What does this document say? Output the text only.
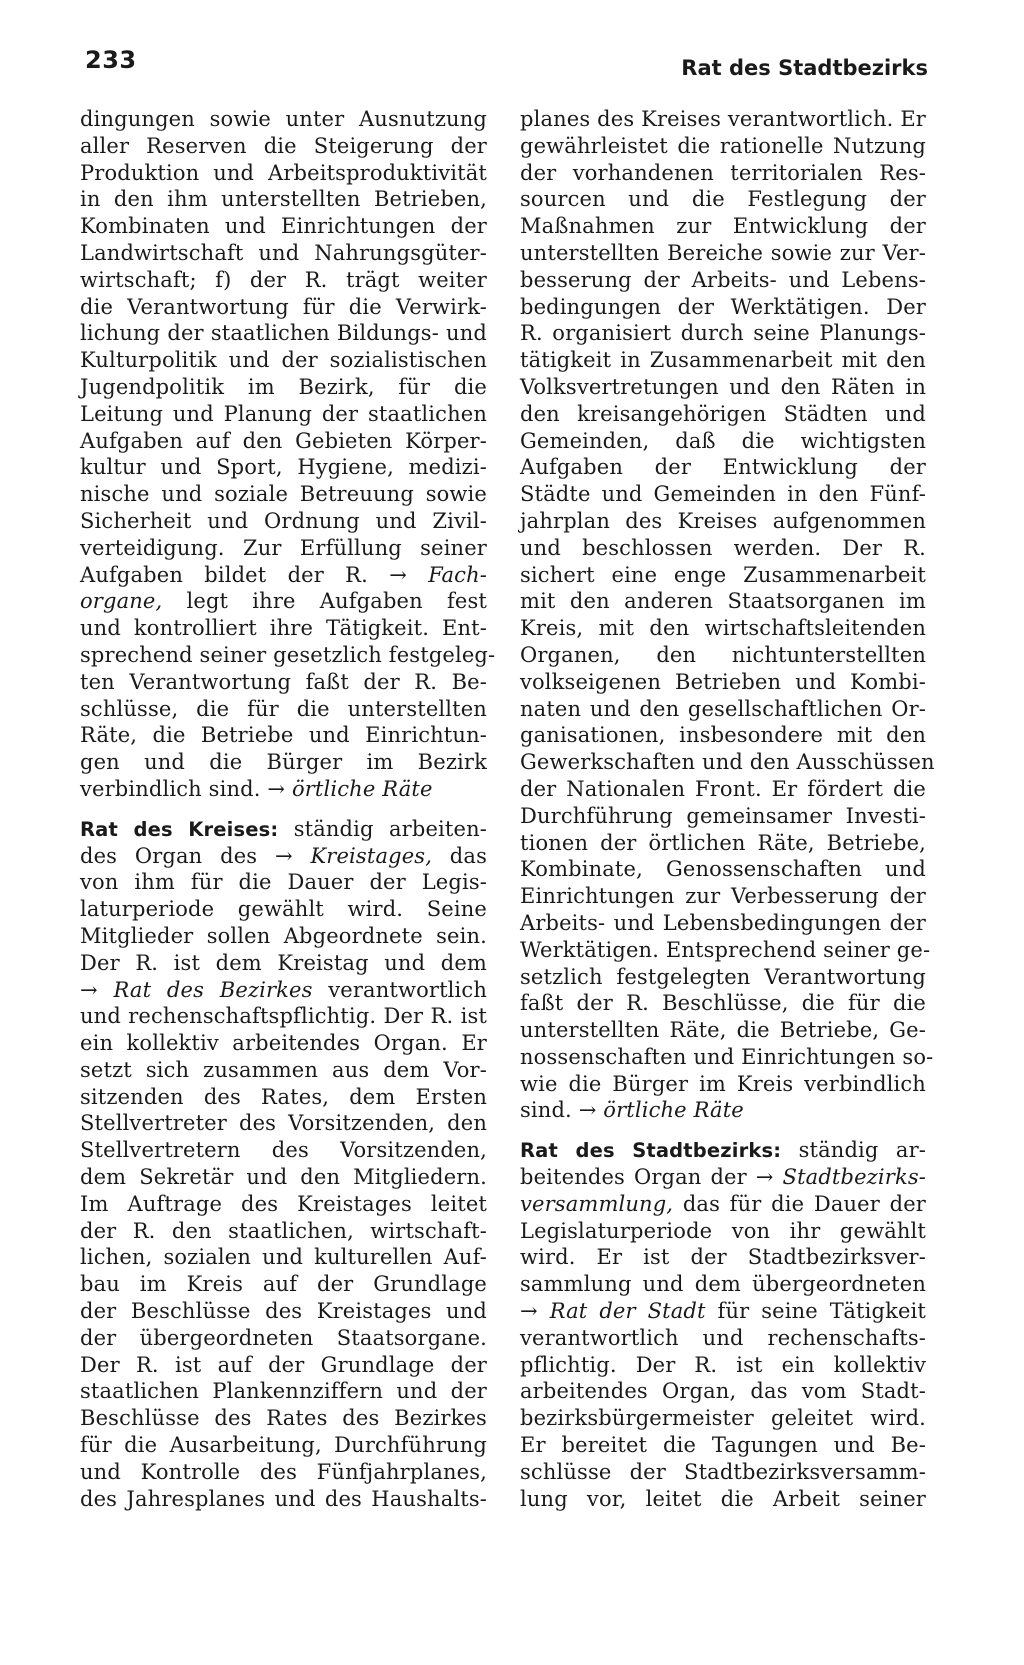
233	Rat des Stadtbezirks
dingungen sowie unter Ausnutzung
aller Reserven die Steigerung der
Produktion und Arbeitsproduktivität
in den ihm unterstellten Betrieben,
Kombinaten und Einrichtungen der
Landwirtschaft und Nahrungsgüter-
wirtschaft; f) der R. trägt weiter
die Verantwortung für die Verwirk-
lichung der staatlichen Bildungs- und
Kulturpolitik und der sozialistischen
Jugendpolitik im Bezirk, für die
Leitung und Planung der staatlichen
Aufgaben auf den Gebieten Körper-
kultur und Sport, Hygiene, medizi-
nische und soziale Betreuung sowie
Sicherheit und Ordnung und Zivil-
verteidigung. Zur Erfüllung seiner
Aufgaben bildet der R. → Fach-
organe, legt ihre Aufgaben fest
und kontrolliert ihre Tätigkeit. Ent-
sprechend seiner gesetzlich festgeleg-
ten Verantwortung faßt der R. Be-
schlüsse, die für die unterstellten
Räte, die Betriebe und Einrichtun-
gen und die Bürger im Bezirk
verbindlich sind. → örtliche Räte
Rat des Kreises: ständig arbeiten-
des Organ des → Kreistages, das
von ihm für die Dauer der Legis-
laturperiode gewählt wird. Seine
Mitglieder sollen Abgeordnete sein.
Der R. ist dem Kreistag und dem
→ Rat des Bezirkes verantwortlich
und rechenschaftspflichtig. Der R. ist
ein kollektiv arbeitendes Organ. Er
setzt sich zusammen aus dem Vor-
sitzenden des Rates, dem Ersten
Stellvertreter des Vorsitzenden, den
Stellvertretern des Vorsitzenden,
dem Sekretär und den Mitgliedern.
Im Auftrage des Kreistages leitet
der R. den staatlichen, wirtschaft-
lichen, sozialen und kulturellen Auf-
bau im Kreis auf der Grundlage
der Beschlüsse des Kreistages und
der übergeordneten Staatsorgane.
Der R. ist auf der Grundlage der
staatlichen Plankennziffern und der
Beschlüsse des Rates des Bezirkes
für die Ausarbeitung, Durchführung
und Kontrolle des Fünfjahrplanes,
des Jahresplanes und des Haushalts-
planes des Kreises verantwortlich. Er
gewährleistet die rationelle Nutzung
der vorhandenen territorialen Res-
sourcen und die Festlegung der
Maßnahmen zur Entwicklung der
unterstellten Bereiche sowie zur Ver-
besserung der Arbeits- und Lebens-
bedingungen der Werktätigen. Der
R. organisiert durch seine Planungs-
tätigkeit in Zusammenarbeit mit den
Volksvertretungen und den Räten in
den kreisangehörigen Städten und
Gemeinden, daß die wichtigsten
Aufgaben der Entwicklung der
Städte und Gemeinden in den Fünf-
jahrplan des Kreises aufgenommen
und beschlossen werden. Der R.
sichert eine enge Zusammenarbeit
mit den anderen Staatsorganen im
Kreis, mit den wirtschaftsleitenden
Organen, den nichtunterstellten
volkseigenen Betrieben und Kombi-
naten und den gesellschaftlichen Or-
ganisationen, insbesondere mit den
Gewerkschaften und den Ausschüssen
der Nationalen Front. Er fördert die
Durchführung gemeinsamer Investi-
tionen der örtlichen Räte, Betriebe,
Kombinate, Genossenschaften und
Einrichtungen zur Verbesserung der
Arbeits- und Lebensbedingungen der
Werktätigen. Entsprechend seiner ge-
setzlich festgelegten Verantwortung
faßt der R. Beschlüsse, die für die
unterstellten Räte, die Betriebe, Ge-
nossenschaften und Einrichtungen so-
wie die Bürger im Kreis verbindlich
sind. → örtliche Räte
Rat des Stadtbezirks: ständig ar-
beitendes Organ der → Stadtbezirks-
versammlung, das für die Dauer der
Legislaturperiode von ihr gewählt
wird. Er ist der Stadtbezirksver-
sammlung und dem übergeordneten
→ Rat der Stadt für seine Tätigkeit
verantwortlich und rechenschafts-
pflichtig. Der R. ist ein kollektiv
arbeitendes Organ, das vom Stadt-
bezirksbürgermeister geleitet wird.
Er bereitet die Tagungen und Be-
schlüsse der Stadtbezirksversamm-
lung vor, leitet die Arbeit seiner
